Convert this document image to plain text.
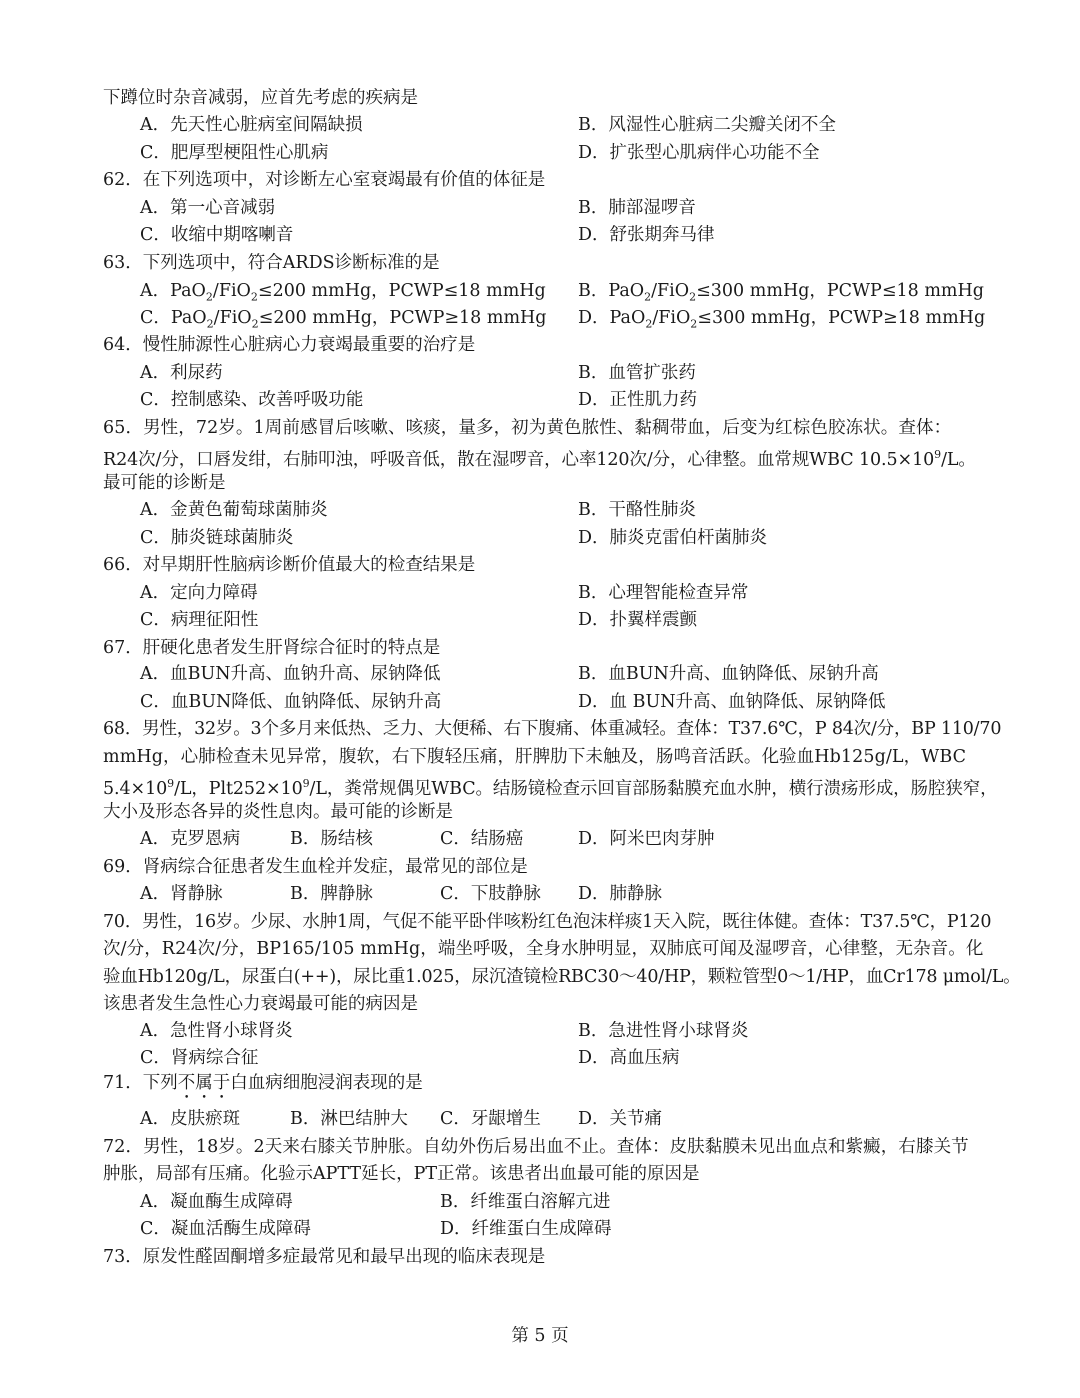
下蹲位时杂音减弱，应首先考虑的疾病是
A．先天性心脏病室间隔缺损	B．风湿性心脏病二尖瓣关闭不全
C．肥厚型梗阻性心肌病	D．扩张型心肌病伴心功能不全
62．在下列选项中，对诊断左心室衰竭最有价值的体征是
A．第一心音减弱	B．肺部湿啰音
C．收缩中期喀喇音	D．舒张期奔马律
63．下列选项中，符合ARDS诊断标准的是
A．PaO$_2$/FiO$_2$≤200 mmHg，PCWP≤18 mmHg B．PaO$_2$/FiO$_2$≤300 mmHg，PCWP≤18 mmHg
C．PaO$_2$/FiO$_2$≤200 mmHg，PCWP≥18 mmHg D．PaO$_2$/FiO$_2$≤300 mmHg，PCWP≥18 mmHg
64．慢性肺源性心脏病心力衰竭最重要的治疗是
A．利尿药	B．血管扩张药
C．控制感染、改善呼吸功能	D．正性肌力药
65．男性，72岁。1周前感冒后咳嗽、咳痰，量多，初为黄色脓性、黏稠带血，后变为红棕色胶冻状。查体：
R24次/分，口唇发绀，右肺叩浊，呼吸音低，散在湿啰音，心率120次/分，心律整。血常规WBC $10.5\times 10^9/L$。
最可能的诊断是
A．金黄色葡萄球菌肺炎	B．干酪性肺炎
C．肺炎链球菌肺炎	D．肺炎克雷伯杆菌肺炎
66．对早期肝性脑病诊断价值最大的检查结果是
A．定向力障碍	B．心理智能检查异常
C．病理征阳性	D．扑翼样震颤
67．肝硬化患者发生肝肾综合征时的特点是
A．血BUN升高、血钠升高、尿钠降低	B．血BUN升高、血钠降低、尿钠升高
C．血BUN降低、血钠降低、尿钠升高	D．血 BUN升高、血钠降低、尿钠降低
68．男性，32岁。3个多月来低热、乏力、大便稀、右下腹痛、体重减轻。查体：T37.6℃，P 84次/分，BP 110/70
mmHg，心肺检查未见异常，腹软，右下腹轻压痛，肝脾肋下未触及，肠鸣音活跃。化验血Hb125g/L，WBC
$5.4\times 10^9/L$，$Plt252\times 10^9/L$，粪常规偶见WBC。结肠镜检查示回盲部肠黏膜充血水肿，横行溃疡形成，肠腔狭窄，
大小及形态各异的炎性息肉。最可能的诊断是
A．克罗恩病	B．肠结核	C．结肠癌	D．阿米巴肉芽肿
69．肾病综合征患者发生血栓并发症，最常见的部位是
A．肾静脉	B．脾静脉	C．下肢静脉 D．肺静脉
70．男性，16岁。少尿、水肿1周，气促不能平卧伴咳粉红色泡沫样痰1天入院，既往体健。查体：T37.5℃，P120
次/分，R24次/分，BP165/105 mmHg，端坐呼吸，全身水肿明显，双肺底可闻及湿啰音，心律整，无杂音。化
验血Hb120g/L，尿蛋白(++)，尿比重1.025，尿沉渣镜检RBC30～40/HP，颗粒管型0～1/HP，血Cr178 μmol/L。
该患者发生急性心力衰竭最可能的病因是
A．急性肾小球肾炎	B．急进性肾小球肾炎
C．肾病综合征	D．高血压病
71．下列不属于白血病细胞浸润表现的是
A．皮肤瘀斑	B．淋巴结肿大 C．牙龈增生 D．关节痛
72．男性，18岁。2天来右膝关节肿胀。自幼外伤后易出血不止。查体：皮肤黏膜未见出血点和紫癜，右膝关节
肿胀，局部有压痛。化验示APTT延长，PT正常。该患者出血最可能的原因是
A．凝血酶生成障碍	B．纤维蛋白溶解亢进
C．凝血活酶生成障碍	D．纤维蛋白生成障碍
73．原发性醛固酮增多症最常见和最早出现的临床表现是
第 5 页
